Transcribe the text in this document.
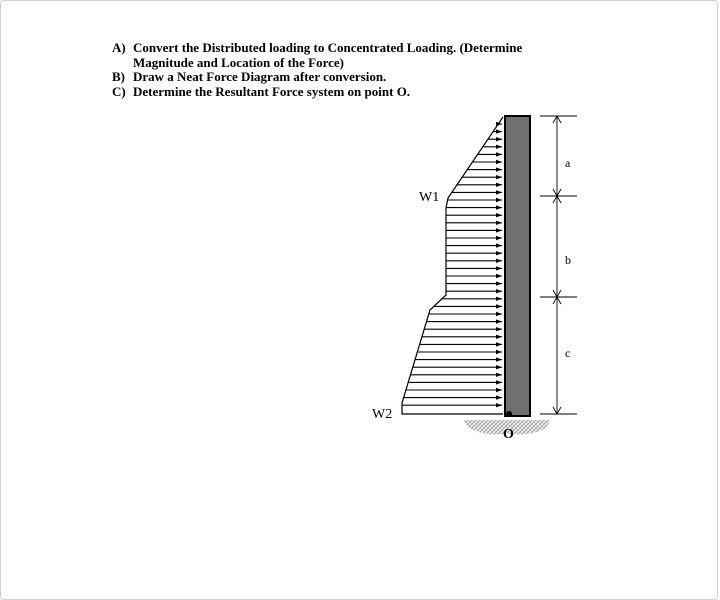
A) Convert the Distributed loading to Concentrated Loading. (Determine Magnitude and Location of the Force)
B) Draw a Neat Force Diagram after conversion.
C) Determine the Resultant Force system on point O.
a
b
c
W1
W2
O
